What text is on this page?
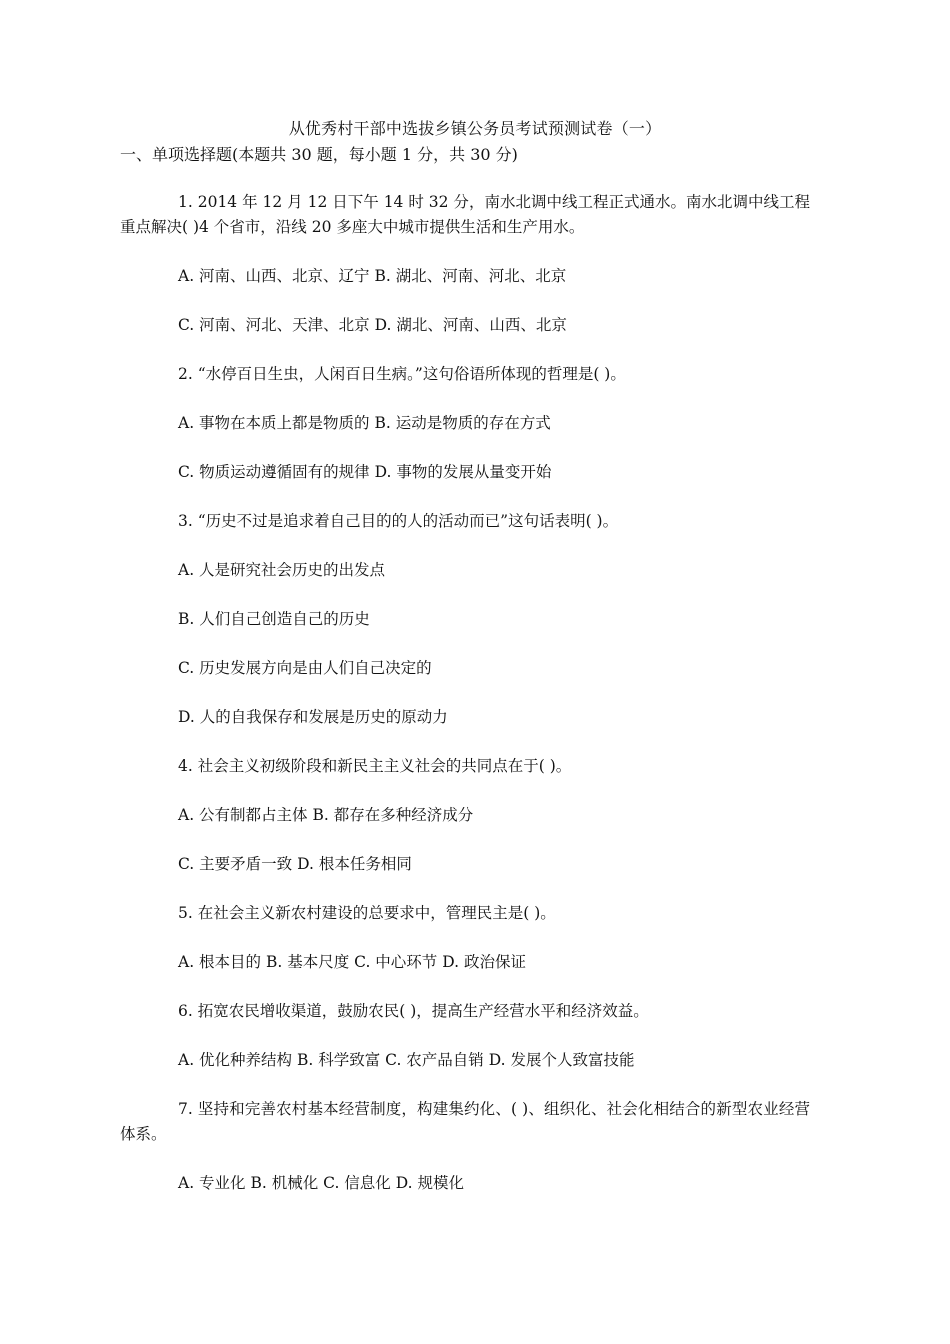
从优秀村干部中选拔乡镇公务员考试预测试卷（一）
一、单项选择题(本题共 30 题，每小题 1 分，共 30 分)

1. 2014 年 12 月 12 日下午 14 时 32 分，南水北调中线工程正式通水。南水北调中线工程重点解决( )4 个省市，沿线 20 多座大中城市提供生活和生产用水。

A. 河南、山西、北京、辽宁 B. 湖北、河南、河北、北京

C. 河南、河北、天津、北京 D. 湖北、河南、山西、北京

2. “水停百日生虫，人闲百日生病。”这句俗语所体现的哲理是( )。

A. 事物在本质上都是物质的 B. 运动是物质的存在方式

C. 物质运动遵循固有的规律 D. 事物的发展从量变开始

3. “历史不过是追求着自己目的的人的活动而已”这句话表明( )。

A. 人是研究社会历史的出发点

B. 人们自己创造自己的历史

C. 历史发展方向是由人们自己决定的

D. 人的自我保存和发展是历史的原动力

4. 社会主义初级阶段和新民主主义社会的共同点在于( )。

A. 公有制都占主体 B. 都存在多种经济成分

C. 主要矛盾一致 D. 根本任务相同

5. 在社会主义新农村建设的总要求中，管理民主是( )。

A. 根本目的 B. 基本尺度 C. 中心环节 D. 政治保证

6. 拓宽农民增收渠道，鼓励农民( )，提高生产经营水平和经济效益。

A. 优化种养结构 B. 科学致富 C. 农产品自销 D. 发展个人致富技能

7. 坚持和完善农村基本经营制度，构建集约化、( )、组织化、社会化相结合的新型农业经营体系。

A. 专业化 B. 机械化 C. 信息化 D. 规模化
